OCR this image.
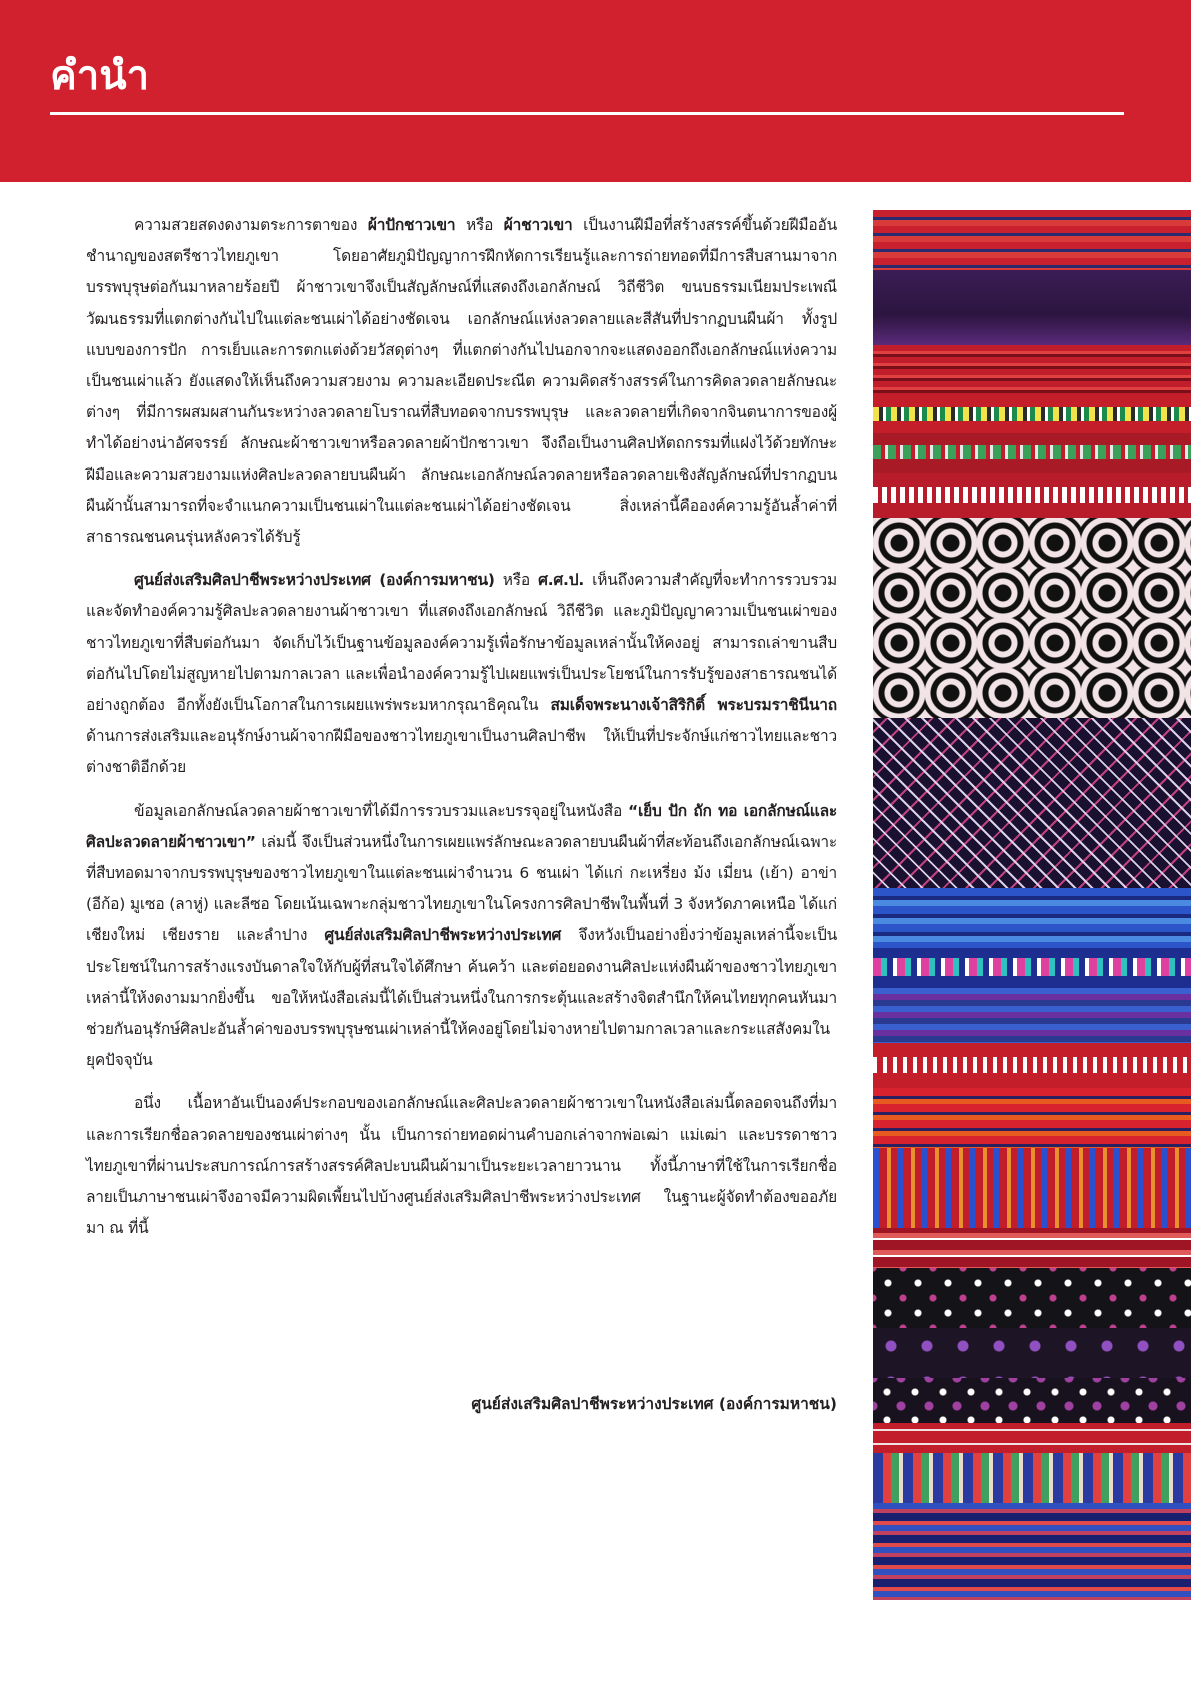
คำนำ

ความสวยสดงดงามตระการตาของ ผ้าปักชาวเขา หรือ ผ้าชาวเขา เป็นงานฝีมือที่สร้างสรรค์ขึ้นด้วยฝีมืออันชำนาญของสตรีชาวไทยภูเขา โดยอาศัยภูมิปัญญาการฝึกหัดการเรียนรู้และการถ่ายทอดที่มีการสืบสานมาจากบรรพบุรุษต่อกันมาหลายร้อยปี ผ้าชาวเขาจึงเป็นสัญลักษณ์ที่แสดงถึงเอกลักษณ์ วิถีชีวิต ขนบธรรมเนียมประเพณี วัฒนธรรมที่แตกต่างกันไปในแต่ละชนเผ่าได้อย่างชัดเจน เอกลักษณ์แห่งลวดลายและสีสันที่ปรากฏบนผืนผ้า ทั้งรูปแบบของการปัก การเย็บและการตกแต่งด้วยวัสดุต่างๆ ที่แตกต่างกันไปนอกจากจะแสดงออกถึงเอกลักษณ์แห่งความเป็นชนเผ่าแล้ว ยังแสดงให้เห็นถึงความสวยงาม ความละเอียดประณีต ความคิดสร้างสรรค์ในการคิดลวดลายลักษณะต่างๆ ที่มีการผสมผสานกันระหว่างลวดลายโบราณที่สืบทอดจากบรรพบุรุษ และลวดลายที่เกิดจากจินตนาการของผู้ทำได้อย่างน่าอัศจรรย์ ลักษณะผ้าชาวเขาหรือลวดลายผ้าปักชาวเขา จึงถือเป็นงานศิลปหัตถกรรมที่แฝงไว้ด้วยทักษะฝีมือและความสวยงามแห่งศิลปะลวดลายบนผืนผ้า ลักษณะเอกลักษณ์ลวดลายหรือลวดลายเชิงสัญลักษณ์ที่ปรากฏบนผืนผ้านั้นสามารถที่จะจำแนกความเป็นชนเผ่าในแต่ละชนเผ่าได้อย่างชัดเจน สิ่งเหล่านี้คือองค์ความรู้อันล้ำค่าที่สาธารณชนคนรุ่นหลังควรได้รับรู้

ศูนย์ส่งเสริมศิลปาชีพระหว่างประเทศ (องค์การมหาชน) หรือ ศ.ศ.ป. เห็นถึงความสำคัญที่จะทำการรวบรวมและจัดทำองค์ความรู้ศิลปะลวดลายงานผ้าชาวเขา ที่แสดงถึงเอกลักษณ์ วิถีชีวิต และภูมิปัญญาความเป็นชนเผ่าของชาวไทยภูเขาที่สืบต่อกันมา จัดเก็บไว้เป็นฐานข้อมูลองค์ความรู้เพื่อรักษาข้อมูลเหล่านั้นให้คงอยู่ สามารถเล่าขานสืบต่อกันไปโดยไม่สูญหายไปตามกาลเวลา และเพื่อนำองค์ความรู้ไปเผยแพร่เป็นประโยชน์ในการรับรู้ของสาธารณชนได้อย่างถูกต้อง อีกทั้งยังเป็นโอกาสในการเผยแพร่พระมหากรุณาธิคุณใน สมเด็จพระนางเจ้าสิริกิติ์ พระบรมราชินีนาถ ด้านการส่งเสริมและอนุรักษ์งานผ้าจากฝีมือของชาวไทยภูเขาเป็นงานศิลปาชีพ ให้เป็นที่ประจักษ์แก่ชาวไทยและชาวต่างชาติอีกด้วย

ข้อมูลเอกลักษณ์ลวดลายผ้าชาวเขาที่ได้มีการรวบรวมและบรรจุอยู่ในหนังสือ “เย็บ ปัก ถัก ทอ เอกลักษณ์และศิลปะลวดลายผ้าชาวเขา” เล่มนี้ จึงเป็นส่วนหนึ่งในการเผยแพร่ลักษณะลวดลายบนผืนผ้าที่สะท้อนถึงเอกลักษณ์เฉพาะ ที่สืบทอดมาจากบรรพบุรุษของชาวไทยภูเขาในแต่ละชนเผ่าจำนวน 6 ชนเผ่า ได้แก่ กะเหรี่ยง ม้ง เมี่ยน (เย้า) อาข่า (อีก้อ) มูเซอ (ลาหู่) และลีซอ โดยเน้นเฉพาะกลุ่มชาวไทยภูเขาในโครงการศิลปาชีพในพื้นที่ 3 จังหวัดภาคเหนือ ได้แก่ เชียงใหม่ เชียงราย และลำปาง ศูนย์ส่งเสริมศิลปาชีพระหว่างประเทศ จึงหวังเป็นอย่างยิ่งว่าข้อมูลเหล่านี้จะเป็นประโยชน์ในการสร้างแรงบันดาลใจให้กับผู้ที่สนใจได้ศึกษา ค้นคว้า และต่อยอดงานศิลปะแห่งผืนผ้าของชาวไทยภูเขาเหล่านี้ให้งดงามมากยิ่งขึ้น ขอให้หนังสือเล่มนี้ได้เป็นส่วนหนึ่งในการกระตุ้นและสร้างจิตสำนึกให้คนไทยทุกคนหันมาช่วยกันอนุรักษ์ศิลปะอันล้ำค่าของบรรพบุรุษชนเผ่าเหล่านี้ให้คงอยู่โดยไม่จางหายไปตามกาลเวลาและกระแสสังคมในยุคปัจจุบัน

อนึ่ง เนื้อหาอันเป็นองค์ประกอบของเอกลักษณ์และศิลปะลวดลายผ้าชาวเขาในหนังสือเล่มนี้ตลอดจนถึงที่มาและการเรียกชื่อลวดลายของชนเผ่าต่างๆ นั้น เป็นการถ่ายทอดผ่านคำบอกเล่าจากพ่อเฒ่า แม่เฒ่า และบรรดาชาวไทยภูเขาที่ผ่านประสบการณ์การสร้างสรรค์ศิลปะบนผืนผ้ามาเป็นระยะเวลายาวนาน ทั้งนี้ภาษาที่ใช้ในการเรียกชื่อลายเป็นภาษาชนเผ่าจึงอาจมีความผิดเพี้ยนไปบ้างศูนย์ส่งเสริมศิลปาชีพระหว่างประเทศ ในฐานะผู้จัดทำต้องขออภัยมา ณ ที่นี้

ศูนย์ส่งเสริมศิลปาชีพระหว่างประเทศ (องค์การมหาชน)
